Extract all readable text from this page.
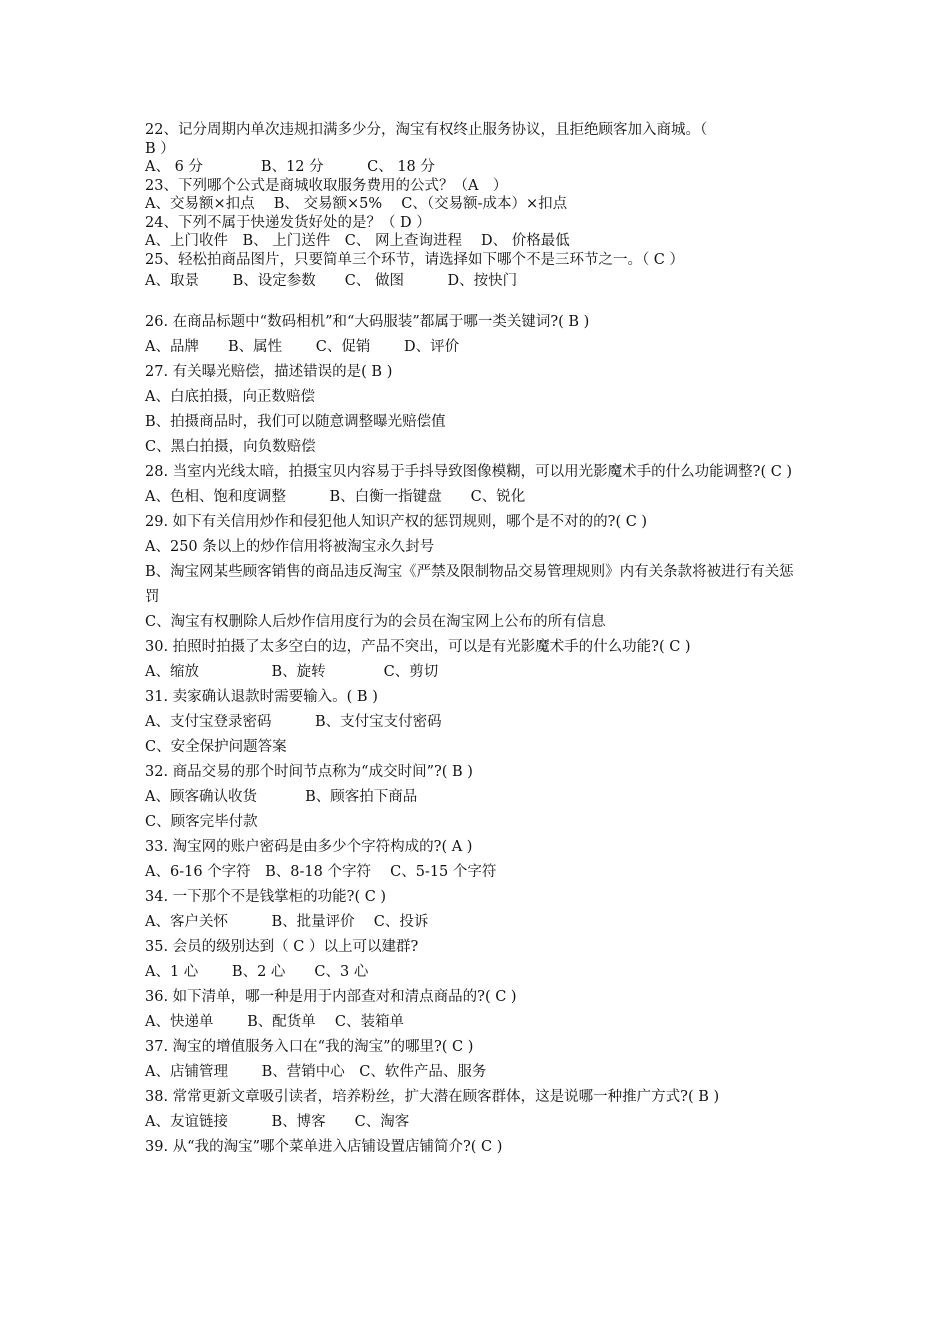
22、记分周期内单次违规扣满多少分，淘宝有权终止服务协议，且拒绝顾客加入商城。（
B ）
A、 6 分　　　　B、12 分　　　C、 18 分
23、下列哪个公式是商城收取服务费用的公式？（A　）
A、交易额×扣点　 B、 交易额×5%　 C、（交易额-成本）×扣点
24、下列不属于快递发货好处的是？（ D ）
A、上门收件　B、 上门送件　C、 网上查询进程　 D、 价格最低
25、轻松拍商品图片，只要简单三个环节，请选择如下哪个不是三环节之一。（ C ）
A、取景　　 B、设定参数　　C、 做图　　　D、按快门
26. 在商品标题中“数码相机”和“大码服装”都属于哪一类关键词?( B )
A、品牌　　B、属性　　 C、促销　　 D、评价
27. 有关曝光赔偿，描述错误的是( B )
A、白底拍摄，向正数赔偿
B、拍摄商品时，我们可以随意调整曝光赔偿值
C、黑白拍摄，向负数赔偿
28. 当室内光线太暗，拍摄宝贝内容易于手抖导致图像模糊，可以用光影魔术手的什么功能调整?( C )
A、色相、饱和度调整　　　B、白衡一指键盘　　C、锐化
29. 如下有关信用炒作和侵犯他人知识产权的惩罚规则，哪个是不对的的?( C )
A、250 条以上的炒作信用将被淘宝永久封号
B、淘宝网某些顾客销售的商品违反淘宝《严禁及限制物品交易管理规则》内有关条款将被进行有关惩罚
C、淘宝有权删除人后炒作信用度行为的会员在淘宝网上公布的所有信息
30. 拍照时拍摄了太多空白的边，产品不突出，可以是有光影魔术手的什么功能?( C )
A、缩放　　　　　B、旋转　　　　C、剪切
31. 卖家确认退款时需要输入。( B )
A、支付宝登录密码　　　B、支付宝支付密码
C、安全保护问题答案
32. 商品交易的那个时间节点称为“成交时间”?( B )
A、顾客确认收货　　　 B、顾客拍下商品
C、顾客完毕付款
33. 淘宝网的账户密码是由多少个字符构成的?( A )
A、6-16 个字符　B、8-18 个字符　 C、5-15 个字符
34. 一下那个不是钱掌柜的功能?( C )
A、客户关怀　　　B、批量评价　 C、投诉
35. 会员的级别达到（ C ）以上可以建群?
A、1 心　　 B、2 心　　C、3 心
36. 如下清单，哪一种是用于内部查对和清点商品的?( C )
A、快递单　　 B、配货单　 C、装箱单
37. 淘宝的增值服务入口在“我的淘宝”的哪里?( C )
A、店铺管理　　 B、营销中心　C、软件产品、服务
38. 常常更新文章吸引读者，培养粉丝，扩大潜在顾客群体，这是说哪一种推广方式?( B )
A、友谊链接　　　B、博客　　C、淘客
39. 从“我的淘宝”哪个菜单进入店铺设置店铺简介?( C )
